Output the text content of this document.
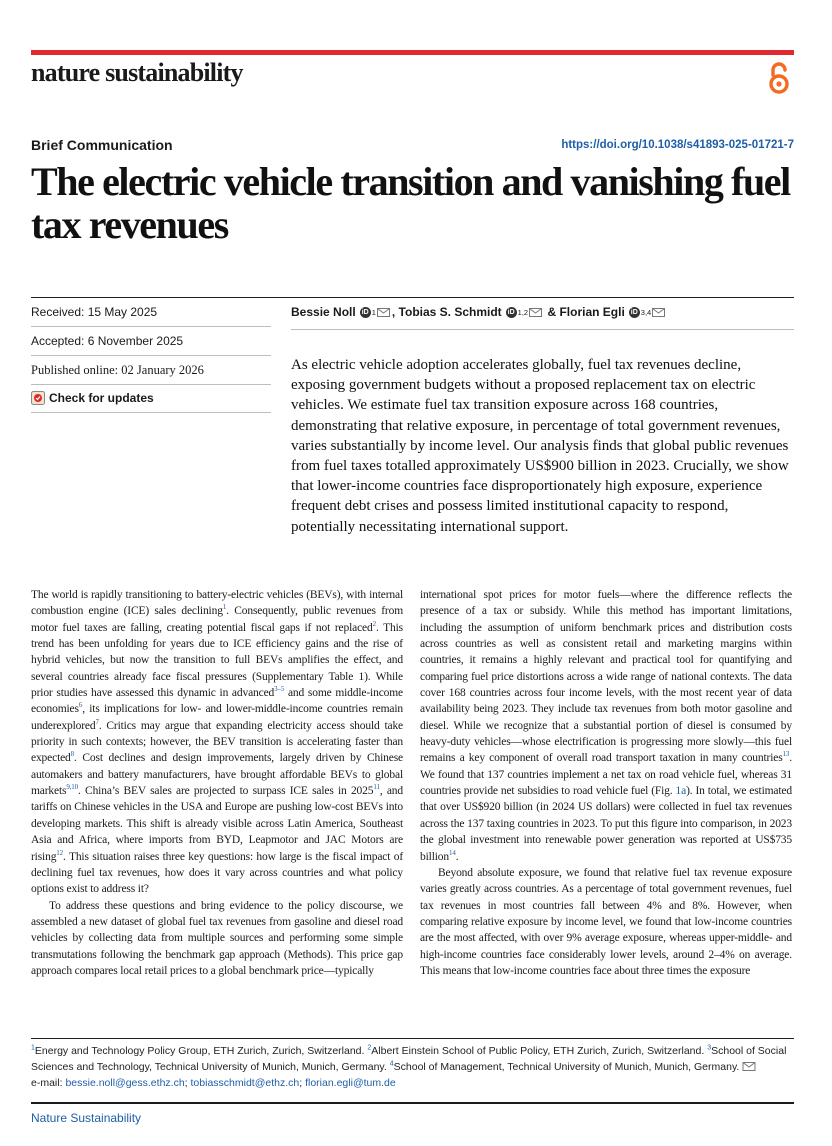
nature sustainability
Brief Communication	https://doi.org/10.1038/s41893-025-01721-7
The electric vehicle transition and vanishing fuel tax revenues
Received: 15 May 2025
Accepted: 6 November 2025
Published online: 02 January 2026
Check for updates
Bessie Noll iD 1 , Tobias S. Schmidt iD 1,2 & Florian Egli iD 3,4

As electric vehicle adoption accelerates globally, fuel tax revenues decline, exposing government budgets without a proposed replacement tax on electric vehicles. We estimate fuel tax transition exposure across 168 countries, demonstrating that relative exposure, in percentage of total government revenues, varies substantially by income level. Our analysis finds that global public revenues from fuel taxes totalled approximately US$900 billion in 2023. Crucially, we show that lower-income countries face disproportionately high exposure, experience frequent debt crises and possess limited institutional capacity to respond, potentially necessitating international support.

The world is rapidly transitioning to battery-electric vehicles (BEVs), with internal combustion engine (ICE) sales declining$^1$. Consequently, public revenues from motor fuel taxes are falling, creating potential fiscal gaps if not replaced$^2$. This trend has been unfolding for years due to ICE efficiency gains and the rise of hybrid vehicles, but now the transition to full BEVs amplifies the effect, and several countries already face fiscal pressures (Supplementary Table 1). While prior studies have assessed this dynamic in advanced$^{3-5}$ and some middle-income economies$^6$, its implications for low- and lower-middle-income countries remain underexplored$^7$. Critics may argue that expanding electricity access should take priority in such contexts; however, the BEV transition is accelerating faster than expected$^8$. Cost declines and design improvements, largely driven by Chinese automakers and battery manufacturers, have brought affordable BEVs to global markets$^{9,10}$. China’s BEV sales are projected to surpass ICE sales in 2025$^{11}$, and tariffs on Chinese vehicles in the USA and Europe are pushing low-cost BEVs into developing markets. This shift is already visible across Latin America, Southeast Asia and Africa, where imports from BYD, Leapmotor and JAC Motors are rising$^{12}$. This situation raises three key questions: how large is the fiscal impact of declining fuel tax revenues, how does it vary across countries and what policy options exist to address it?

To address these questions and bring evidence to the policy discourse, we assembled a new dataset of global fuel tax revenues from gasoline and diesel road vehicles by collecting data from multiple sources and performing some simple transmutations following the benchmark gap approach (Methods). This price gap approach compares local retail prices to a global benchmark price—typically

international spot prices for motor fuels—where the difference reflects the presence of a tax or subsidy. While this method has important limitations, including the assumption of uniform benchmark prices and distribution costs across countries as well as consistent retail and marketing margins within countries, it remains a highly relevant and practical tool for quantifying and comparing fuel price distortions across a wide range of national contexts. The data cover 168 countries across four income levels, with the most recent year of data availability being 2023. They include tax revenues from both motor gasoline and diesel. While we recognize that a substantial portion of diesel is consumed by heavy-duty vehicles—whose electrification is progressing more slowly—this fuel remains a key component of overall road transport taxation in many countries$^{13}$. We found that 137 countries implement a net tax on road vehicle fuel, whereas 31 countries provide net subsidies to road vehicle fuel (Fig. 1a). In total, we estimated that over US$920 billion (in 2024 US dollars) were collected in fuel tax revenues across the 137 taxing countries in 2023. To put this figure into comparison, in 2023 the global investment into renewable power generation was reported at US$735 billion$^{14}$.

Beyond absolute exposure, we found that relative fuel tax revenue exposure varies greatly across countries. As a percentage of total government revenues, fuel tax revenues in most countries fall between 4% and 8%. However, when comparing relative exposure by income level, we found that low-income countries are the most affected, with over 9% average exposure, whereas upper-middle- and high-income countries face considerably lower levels, around 2–4% on average. This means that low-income countries face about three times the exposure

$^1$Energy and Technology Policy Group, ETH Zurich, Zurich, Switzerland. $^2$Albert Einstein School of Public Policy, ETH Zurich, Zurich, Switzerland. $^3$School of Social Sciences and Technology, Technical University of Munich, Munich, Germany. $^4$School of Management, Technical University of Munich, Munich, Germany. e-mail: bessie.noll@gess.ethz.ch; tobiasschmidt@ethz.ch; florian.egli@tum.de
Nature Sustainability
